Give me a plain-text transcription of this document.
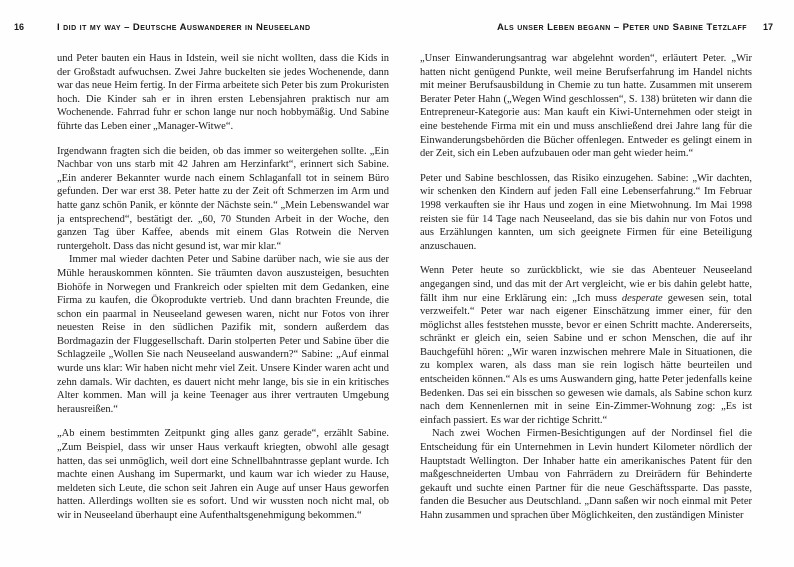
16	I did it my way – Deutsche Auswanderer in Neuseeland

und Peter bauten ein Haus in Idstein, weil sie nicht wollten, dass die Kids in der Großstadt aufwuchsen. Zwei Jahre buckelten sie jedes Wochenende, dann war das neue Heim fertig. In der Firma arbeitete sich Peter bis zum Prokuristen hoch. Die Kinder sah er in ihren ersten Lebensjahren praktisch nur am Wochenende. Fahrrad fuhr er schon lange nur noch hobbymäßig. Und Sabine führte das Leben einer „Manager-Witwe“.

Irgendwann fragten sich die beiden, ob das immer so weitergehen sollte. „Ein Nachbar von uns starb mit 42 Jahren am Herzinfarkt“, erinnert sich Sabine. „Ein anderer Bekannter wurde nach einem Schlaganfall tot in seinem Büro gefunden. Der war erst 38. Peter hatte zu der Zeit oft Schmerzen im Arm und hatte ganz schön Panik, er könnte der Nächste sein.“ „Mein Lebenswandel war ja entsprechend“, bestätigt der. „60, 70 Stunden Arbeit in der Woche, den ganzen Tag über Kaffee, abends mit einem Glas Rotwein die Nerven runtergeholt. Dass das nicht gesund ist, war mir klar.“

Immer mal wieder dachten Peter und Sabine darüber nach, wie sie aus der Mühle herauskommen könnten. Sie träumten davon auszusteigen, besuchten Biohöfe in Norwegen und Frankreich oder spielten mit dem Gedanken, eine Firma zu kaufen, die Ökoprodukte vertrieb. Und dann brachten Freunde, die schon ein paarmal in Neuseeland gewesen waren, nicht nur Fotos von ihrer neuesten Reise in den südlichen Pazifik mit, sondern außerdem das Bordmagazin der Fluggesellschaft. Darin stolperten Peter und Sabine über die Schlagzeile „Wollen Sie nach Neuseeland auswandern?“ Sabine: „Auf einmal wurde uns klar: Wir haben nicht mehr viel Zeit. Unsere Kinder waren acht und zehn damals. Wir dachten, es dauert nicht mehr lange, bis sie in ein kritisches Alter kommen. Man will ja keine Teenager aus ihrer vertrauten Umgebung herausreißen.“

„Ab einem bestimmten Zeitpunkt ging alles ganz gerade“, erzählt Sabine. „Zum Beispiel, dass wir unser Haus verkauft kriegten, obwohl alle gesagt hatten, das sei unmöglich, weil dort eine Schnellbahntrasse geplant wurde. Ich machte einen Aushang im Supermarkt, und kaum war ich wieder zu Hause, meldeten sich Leute, die schon seit Jahren ein Auge auf unser Haus geworfen hatten. Allerdings wollten sie es sofort. Und wir wussten noch nicht mal, ob wir in Neuseeland überhaupt eine Aufenthaltsgenehmigung bekommen.“

Als unser Leben begann – Peter und Sabine Tetzlaff 17

„Unser Einwanderungsantrag war abgelehnt worden“, erläutert Peter. „Wir hatten nicht genügend Punkte, weil meine Berufserfahrung im Handel nichts mit meiner Berufsausbildung in Chemie zu tun hatte. Zusammen mit unserem Berater Peter Hahn („Wegen Wind geschlossen“, S. 138) brüteten wir dann die Entrepreneur-Kategorie aus: Man kauft ein Kiwi-Unternehmen oder steigt in eine bestehende Firma mit ein und muss anschließend drei Jahre lang für die Einwanderungsbehörden die Bücher offenlegen. Entweder es gelingt einem in der Zeit, sich ein Leben aufzubauen oder man geht wieder heim.“

Peter und Sabine beschlossen, das Risiko einzugehen. Sabine: „Wir dachten, wir schenken den Kindern auf jeden Fall eine Lebenserfahrung.“ Im Februar 1998 verkauften sie ihr Haus und zogen in eine Mietwohnung. Im Mai 1998 reisten sie für 14 Tage nach Neuseeland, das sie bis dahin nur von Fotos und aus Erzählungen kannten, um sich geeignete Firmen für eine Beteiligung anzuschauen.

Wenn Peter heute so zurückblickt, wie sie das Abenteuer Neuseeland angegangen sind, und das mit der Art vergleicht, wie er bis dahin gelebt hatte, fällt ihm nur eine Erklärung ein: „Ich muss desperate gewesen sein, total verzweifelt.“ Peter war nach eigener Einschätzung immer einer, für den möglichst alles feststehen musste, bevor er einen Schritt machte. Andererseits, schränkt er gleich ein, seien Sabine und er schon Menschen, die auf ihr Bauchgefühl hören: „Wir waren inzwischen mehrere Male in Situationen, die zu komplex waren, als dass man sie rein logisch hätte beurteilen und entscheiden können.“ Als es ums Auswandern ging, hatte Peter jedenfalls keine Bedenken. Das sei ein bisschen so gewesen wie damals, als Sabine schon kurz nach dem Kennenlernen mit in seine Ein-Zimmer-Wohnung zog: „Es ist einfach passiert. Es war der richtige Schritt.“

Nach zwei Wochen Firmen-Besichtigungen auf der Nordinsel fiel die Entscheidung für ein Unternehmen in Levin hundert Kilometer nördlich der Hauptstadt Wellington. Der Inhaber hatte ein amerikanisches Patent für den maßgeschneiderten Umbau von Fahrrädern zu Dreirädern für Behinderte gekauft und suchte einen Partner für die neue Geschäftssparte. Das passte, fanden die Besucher aus Deutschland. „Dann saßen wir noch einmal mit Peter Hahn zusammen und sprachen über Möglichkeiten, den zuständigen Minister
